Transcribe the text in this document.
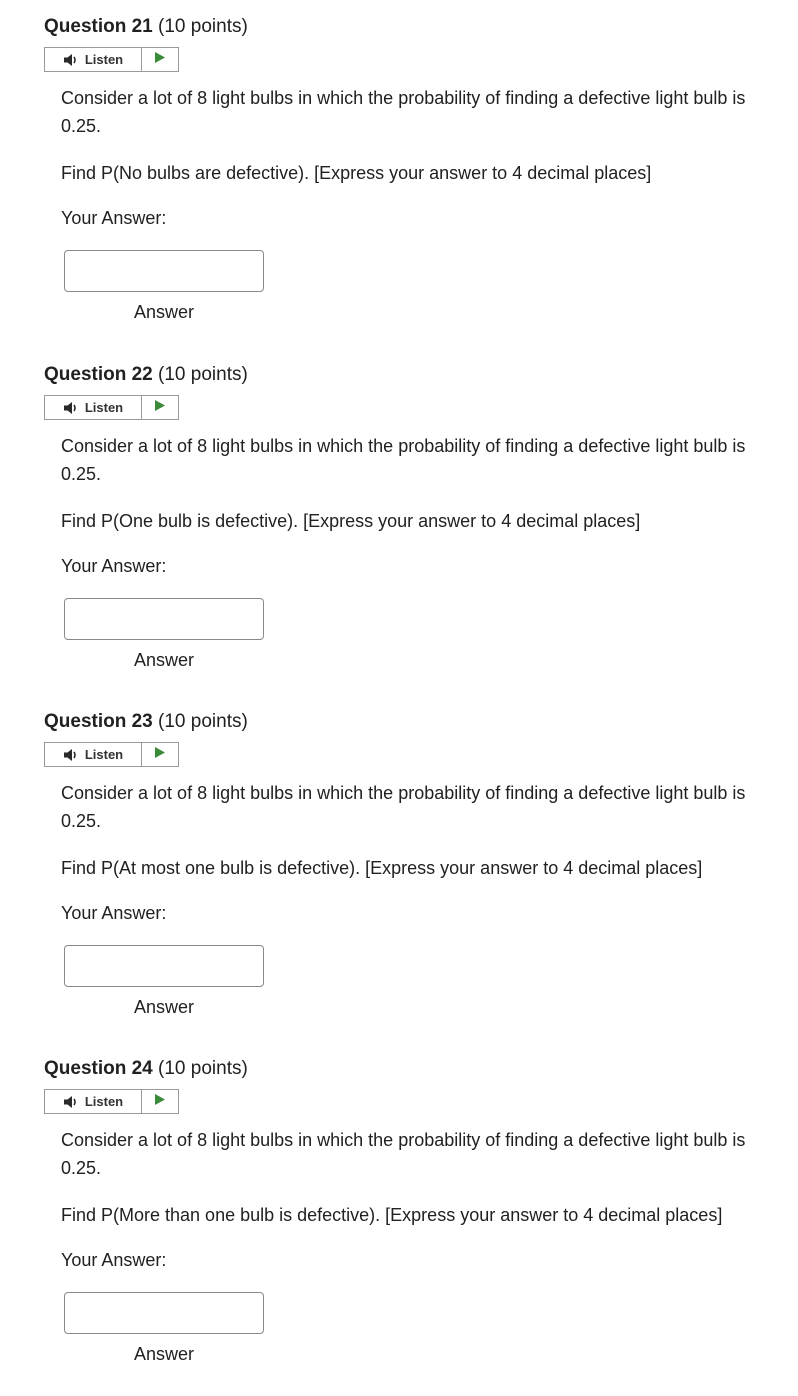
Question 21 (10 points)
Listen

Consider a lot of 8 light bulbs in which the probability of finding a defective light bulb is 0.25.

Find P(No bulbs are defective). [Express your answer to 4 decimal places]
Your Answer:
Answer
Question 22 (10 points)
Listen

Consider a lot of 8 light bulbs in which the probability of finding a defective light bulb is 0.25.

Find P(One bulb is defective). [Express your answer to 4 decimal places]
Your Answer:
Answer
Question 23 (10 points)
Listen

Consider a lot of 8 light bulbs in which the probability of finding a defective light bulb is 0.25.

Find P(At most one bulb is defective). [Express your answer to 4 decimal places]
Your Answer:
Answer
Question 24 (10 points)
Listen

Consider a lot of 8 light bulbs in which the probability of finding a defective light bulb is 0.25.

Find P(More than one bulb is defective). [Express your answer to 4 decimal places]
Your Answer:
Answer
